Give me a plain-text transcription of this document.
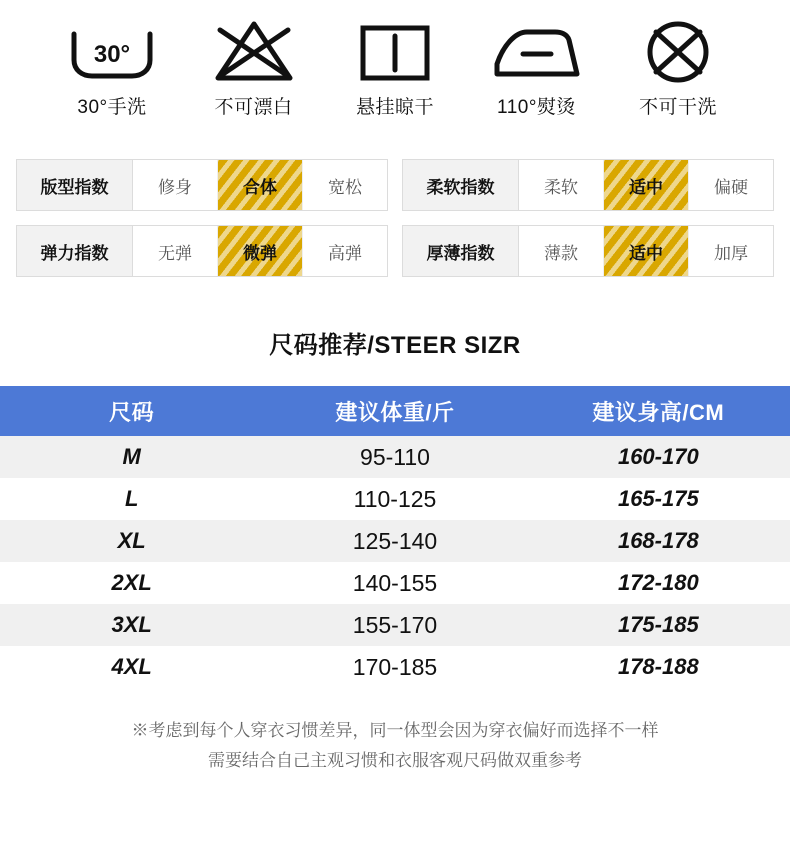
30°
30°手洗	不可漂白	悬挂晾干	110°熨烫	不可干洗
版型指数	修身	合体	宽松	柔软指数	柔软	适中	偏硬
弹力指数	无弹	微弹	高弹	厚薄指数	薄款	适中	加厚
尺码推荐/STEER SIZR
尺码	建议体重/斤	建议身高/CM
M	95-110	160-170
L	110-125	165-175
XL	125-140	168-178
2XL	140-155	172-180
3XL	155-170	175-185
4XL	170-185	178-188
※考虑到每个人穿衣习惯差异，同一体型会因为穿衣偏好而选择不一样
需要结合自己主观习惯和衣服客观尺码做双重参考
